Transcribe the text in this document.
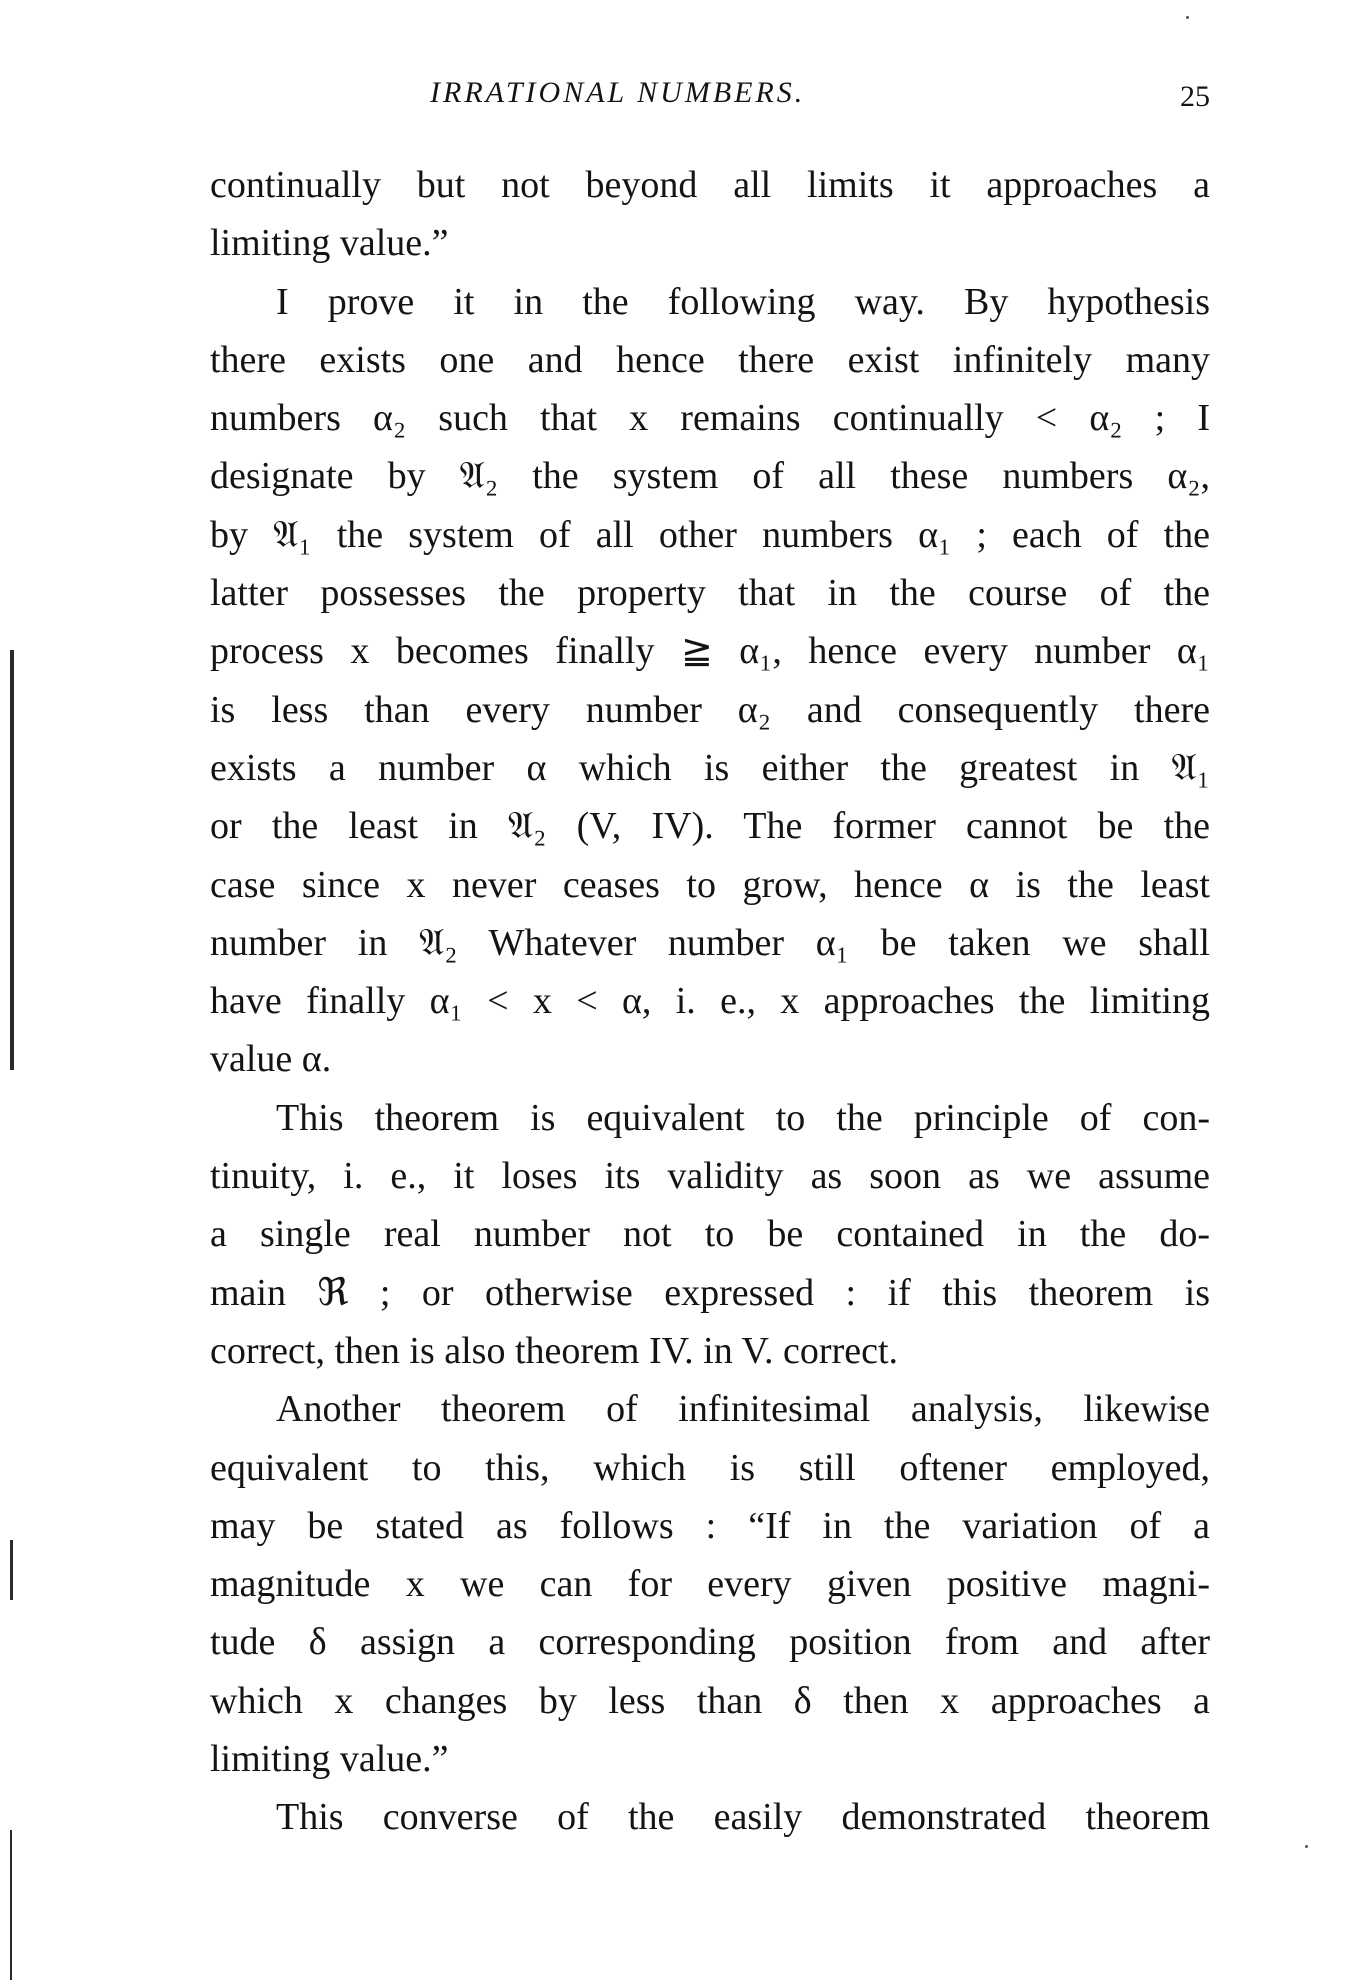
IRRATIONAL NUMBERS.	25
continually but not beyond all limits it approaches a
limiting value.”
I prove it in the following way. By hypothesis
there exists one and hence there exist infinitely many
numbers α₂ such that x remains continually < α₂ ; I
designate by 𝔄₂ the system of all these numbers α₂,
by 𝔄₁ the system of all other numbers α₁ ; each of the
latter possesses the property that in the course of the
process x becomes finally ≧ α₁, hence every number α₁
is less than every number α₂ and consequently there
exists a number α which is either the greatest in 𝔄₁
or the least in 𝔄₂ (V, IV). The former cannot be the
case since x never ceases to grow, hence α is the least
number in 𝔄₂ Whatever number α₁ be taken we shall
have finally α₁ < x < α, i. e., x approaches the limiting
value α.
This theorem is equivalent to the principle of con-
tinuity, i. e., it loses its validity as soon as we assume
a single real number not to be contained in the do-
main ℜ ; or otherwise expressed : if this theorem is
correct, then is also theorem IV. in V. correct.
Another theorem of infinitesimal analysis, likewise
equivalent to this, which is still oftener employed,
may be stated as follows : “If in the variation of a
magnitude x we can for every given positive magni-
tude δ assign a corresponding position from and after
which x changes by less than δ then x approaches a
limiting value.”
This converse of the easily demonstrated theorem
